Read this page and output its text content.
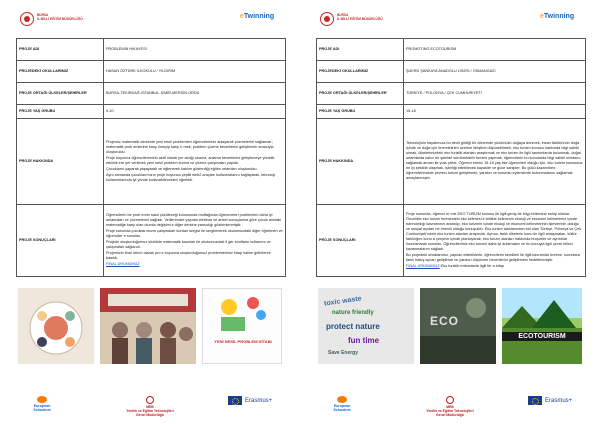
BURSA
İL MİLLİ EĞİTİM MÜDÜRLÜĞÜ	eTwinning
PROJE ADI	PROBLEMİN HİKAYESİ
PROJEDEKİ OKULLARIMIZ	HASAN ÖZTÜRK İLKOKULU / YILDIRIM
PROJE ORTAĞI ÜLKELER/ŞEHİRLER	BURSA-TEKİRDAĞ-İSTANBUL-İZMİR-MERSİN-ORDU
PROJE YAŞ GRUBU	9-10
PROJE HAKKINDA	Projemiz matematik dersinde yeni nesil problemleri öğrencilerimiz anlayarak çözmelerini sağlamak ; matematik prob emlerine karşı ilmeyip karşı ü mek; problem çözme becerilerini geliştirmek amacıyla oluşturuldu.

Proje boyunca öğrencilerimizin aktif olarak yer aldığı okuma, anlama becerilerini geliştirmeye yönelik etkinlik ere yer verilerek yeni nesil problem kurma ve çözme çalışmaları yapıldı.

Çocukların yaparak yaşayarak ve eğlenerek katılım gösterdiği eğitim ortamları oluşturuldu.

Aynı zamanda çocuklarımızın proje boyunca çeşitli web2 araçları kullanmalarını sağlayarak, teknoloji kullanımlarında iyi yönde kullanabilecekleri öğretildi.

PROJE SONUÇLARI	Öğrencilerin bir prob emin nasıl çözüleceği konusunda mutfağında öğrenmeleri problemleri daha iyi anlamaları ve çözmelerini sağladı. Velilerimizle yapılan webinar ve anket sonuçlarına göre çocuk antdaki matematiğe karşı olan olumla değişimi e diğer dersine yansıdığı gözlemlenmiştir.

Proje sonunda çocuklarımızın çalışmaları kordan sergisi ile sergilenerek okulumuzdaki diğer öğretmen ve öğrenciler e sunuldu.

Projede oluşturduğumuz sözlükte matematik kaunları ile okulumuzdaki il ger sınıfların kullanımı ve çalışmaları sağlandı.

Projemizin final ürünü olarak pro e boyunca oluşturduğumuz problemlerimiz kitap haline getirilerek basıldı.

FİNAL ÜRÜNÜMÜZ

YENİ NESİL PROBLEM KİTABI
European
Schoolnet
MEB
Yenilik ve Eğitim Teknolojileri
Genel Müdürlüğü
Erasmus+
BURSA
İL MİLLİ EĞİTİM MÜDÜRLÜĞÜ	eTwinning
PROJE ADI	PROMOTING ECOTOURISM
PROJEDEKİ OKULLARIMIZ	ŞÜKRÜ ŞANKAYA ANADOLU LİSESİ / OSMANGAZİ
PROJE ORTAĞI ÜLKELER/ŞEHİRLER	TÜRKİYE / POLONYA / ÇEK CUMHURİYETİ
PROJE YAŞ GRUBU	15-18
PROJE HAKKINDA	Teknolojinin hayatımıza bu denli girdiği bir dönemde yüzümüzü doğaya dönmek, insan faktörünün doğa içinde ve doğa için önemlidirleri üzerine eleştirel düşünebilmek, eko turizm konusu hakkında bilgi sahibi olmak, ülkelerimizdeki eko turistik alanları araştırmak ve eko turizm ile ilgili tanıtımlarda bulunmak, doğal ortamlarda kalıcı bir şekilde sürdürülebilir turizmi yapmak, öğrencilerin bu konularda bilgi sahibi olmasını sağlamak amacı ile yola çıktık. Öğrenci erimiz 15-18 yaş lise öğrencileri olduğu için, eko turizm konusuna en iyi şekilde ulaşmak, işbirliği edebilecek kapasite ve güce sahipler. Bu gücü kazanırken, öğrencilerimizde çevreci turizm geliştirmek, yaratıcı ve sorumlu eylemlerde bulunmalarını sağlamak amaçlanmıştır.

PROJE SONUÇLARI	Proje sonunda, öğrenci er mix EKO TURİZM konusu ile ilgili geniş bir bilgi birikimine sahip oldular. Öncelikle eko turizm terimindeki eko kelimesi e birlikte kelimenin ekoloji ve ekonomi kelimelerini içinde barındırdığı kavramının anlatılıp, eko turizmin içinde ekoloji ve ekonomi kelimelerinin işlevlerinin olduğu ve sosyal açıdan ne önemli olduğu konuşuldu. Eko turizm alanlarından biri olan Türkiye, Polonya ve Çek Cumhuriyeti'ndeki eko turizm alanları araştırıldı. Ayrıca, farklı ülkelerin konu ile ilgili anlaşmaları, kültür farklılığını konu a çerçeve içinde planlayarak, eko turizm alanları hakkında broşürler ve ayrıntılar hazırlanarak sunuldu. Öğrencilerimiz eko turizmi daha iyi anlamaları ve bu konuyla ilgili çevre bilinci kazanmalarını sağladı.

Bu projedeki ortaklarımız, yapılan etkinliklerle, öğrencilerin kendileri ile ilgili kavramlar üretme, sorunlara farklı bakış açıları geliştirme ve yaratıcı düşünme becerilerini geliştirmesi hedeflenmiştir.

FİNAL ÜRÜNÜMÜZ Eko turistik mekanlarla ilgili bir e-kitap

toxic waste
nature friendly
protect nature
fun time
Save Energy
ECO
ECOTOURISM
European
Schoolnet
MEB
Yenilik ve Eğitim Teknolojileri
Genel Müdürlüğü
Erasmus+
